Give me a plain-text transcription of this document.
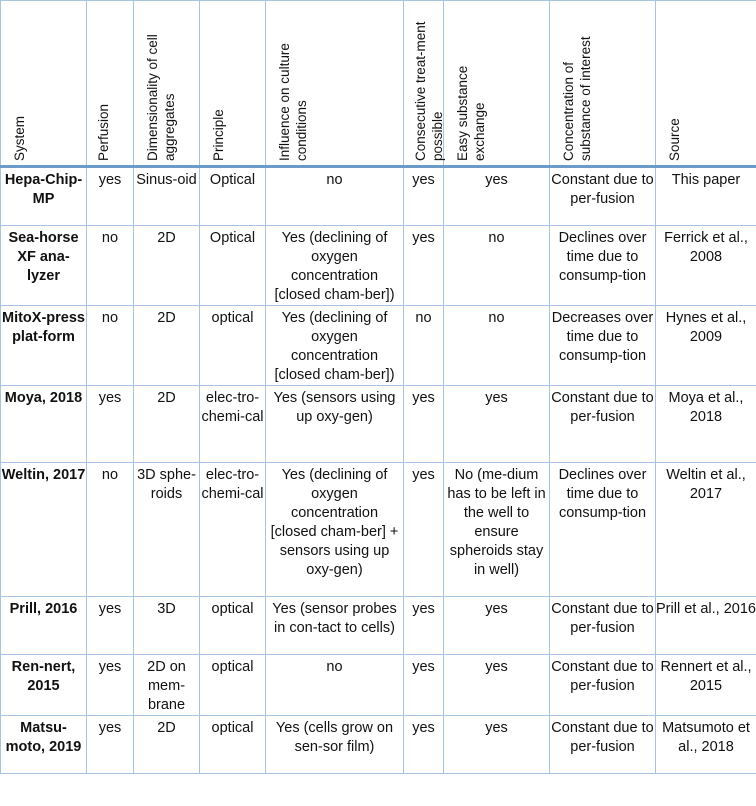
System	Perfusion	Dimensionality of cell aggregates	Principle	Influence on culture conditions	Consecutive treat-ment possible	Easy substance exchange	Concentration of substance of interest	Source

Hepa-Chip-MP	yes	Sinus-oid	Optical	no	yes	yes	Constant due to per-fusion	This paper
Sea-horse XF ana-lyzer	no	2D	Optical	Yes (declining of oxygen concentration [closed cham-ber])	yes	no	Declines over time due to consump-tion	Ferrick et al., 2008
MitoX-press plat-form	no	2D	optical	Yes (declining of oxygen concentration [closed cham-ber])	no	no	Decreases over time due to consump-tion	Hynes et al., 2009
Moya, 2018	yes	2D	elec-tro-chemi-cal	Yes (sensors using up oxy-gen)	yes	yes	Constant due to per-fusion	Moya et al., 2018
Weltin, 2017	no	3D sphe-roids	elec-tro-chemi-cal	Yes (declining of oxygen concentration [closed cham-ber] + sensors using up oxy-gen)	yes	No (me-dium has to be left in the well to ensure spheroids stay in well)	Declines over time due to consump-tion	Weltin et al., 2017
Prill, 2016	yes	3D	optical	Yes (sensor probes in con-tact to cells)	yes	yes	Constant due to per-fusion	Prill et al., 2016
Ren-nert, 2015	yes	2D on mem-brane	optical	no	yes	yes	Constant due to per-fusion	Rennert et al., 2015
Matsu-moto, 2019	yes	2D	optical	Yes (cells grow on sen-sor film)	yes	yes	Constant due to per-fusion	Matsumoto et al., 2018
